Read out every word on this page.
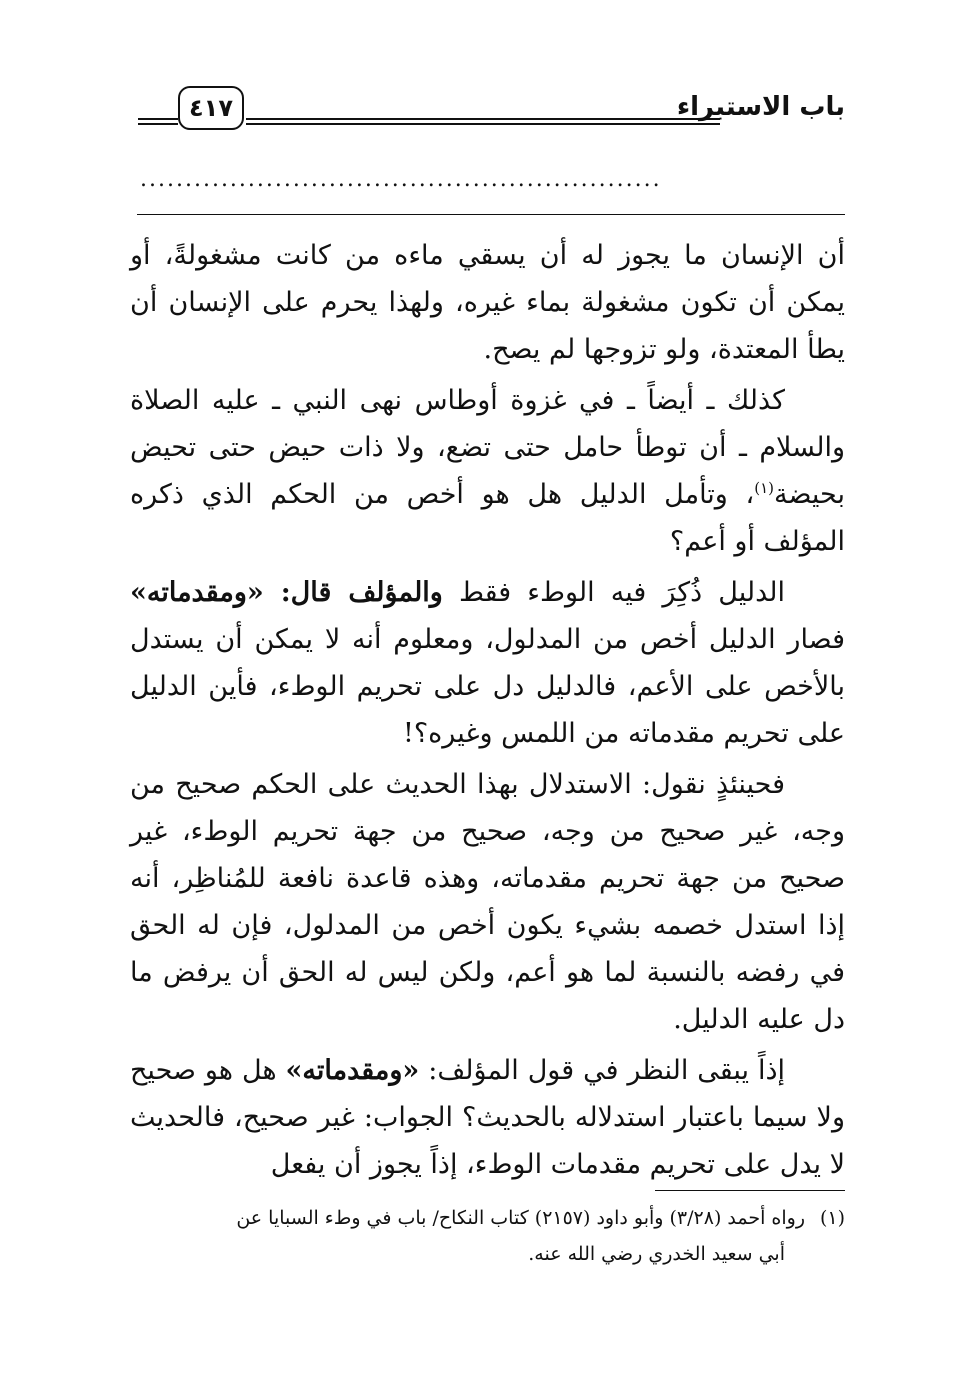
٤١٧	باب الاستبراء
..........................................................

أن الإنسان ما يجوز له أن يسقي ماءه من كانت مشغولةً، أو يمكن أن تكون مشغولة بماء غيره، ولهذا يحرم على الإنسان أن يطأ المعتدة، ولو تزوجها لم يصح.

كذلك ـ أيضاً ـ في غزوة أوطاس نهى النبي ـ عليه الصلاة والسلام ـ أن توطأ حامل حتى تضع، ولا ذات حيض حتى تحيض بحيضة$^{(١)}$، وتأمل الدليل هل هو أخص من الحكم الذي ذكره المؤلف أو أعم؟

الدليل ذُكِرَ فيه الوطء فقط والمؤلف قال: «ومقدماته» فصار الدليل أخص من المدلول، ومعلوم أنه لا يمكن أن يستدل بالأخص على الأعم، فالدليل دل على تحريم الوطء، فأين الدليل على تحريم مقدماته من اللمس وغيره؟!

فحينئذٍ نقول: الاستدلال بهذا الحديث على الحكم صحيح من وجه، غير صحيح من وجه، صحيح من جهة تحريم الوطء، غير صحيح من جهة تحريم مقدماته، وهذه قاعدة نافعة للمُناظِر، أنه إذا استدل خصمه بشيء يكون أخص من المدلول، فإن له الحق في رفضه بالنسبة لما هو أعم، ولكن ليس له الحق أن يرفض ما دل عليه الدليل.

إذاً يبقى النظر في قول المؤلف: «ومقدماته» هل هو صحيح ولا سيما باعتبار استدلاله بالحديث؟ الجواب: غير صحيح، فالحديث لا يدل على تحريم مقدمات الوطء، إذاً يجوز أن يفعل

(١)رواه أحمد (٣/٢٨) وأبو داود (٢١٥٧) كتاب النكاح/ باب في وطء السبايا عن
أبي سعيد الخدري رضي الله عنه.
